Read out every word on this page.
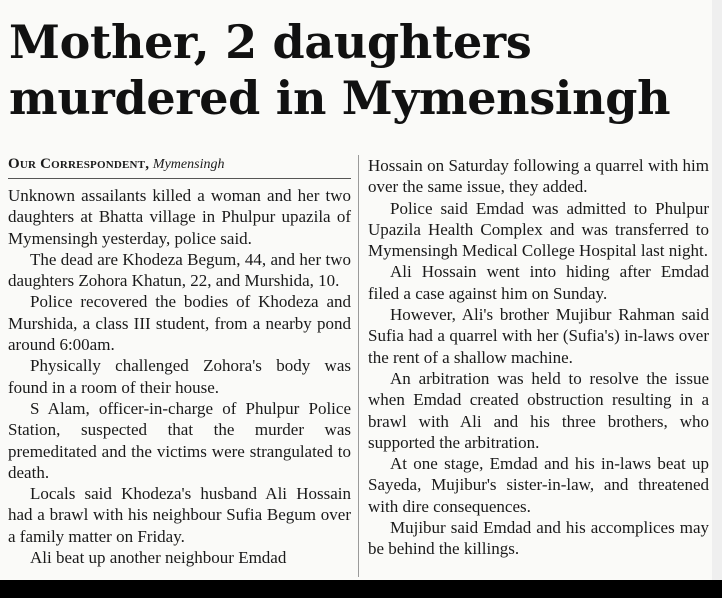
Mother, 2 daughters murdered in Mymensingh
Our Correspondent, Mymensingh

Unknown assailants killed a woman and her two daughters at Bhatta village in Phulpur upazila of Mymensingh yesterday, police said.

The dead are Khodeza Begum, 44, and her two daughters Zohora Khatun, 22, and Murshida, 10.

Police recovered the bodies of Khodeza and Murshida, a class III student, from a nearby pond around 6:00am.

Physically challenged Zohora's body was found in a room of their house.

S Alam, officer-in-charge of Phulpur Police Station, suspected that the murder was premeditated and the victims were strangulated to death.

Locals said Khodeza's husband Ali Hossain had a brawl with his neighbour Sufia Begum over a family matter on Friday.

Ali beat up another neighbour Emdad

Hossain on Saturday following a quarrel with him over the same issue, they added.

Police said Emdad was admitted to Phulpur Upazila Health Complex and was transferred to Mymensingh Medical College Hospital last night.

Ali Hossain went into hiding after Emdad filed a case against him on Sunday.

However, Ali's brother Mujibur Rahman said Sufia had a quarrel with her (Sufia's) in-laws over the rent of a shallow machine.

An arbitration was held to resolve the issue when Emdad created obstruction resulting in a brawl with Ali and his three brothers, who supported the arbitration.

At one stage, Emdad and his in-laws beat up Sayeda, Mujibur's sister-in-law, and threatened with dire consequences.

Mujibur said Emdad and his accomplices may be behind the killings.
